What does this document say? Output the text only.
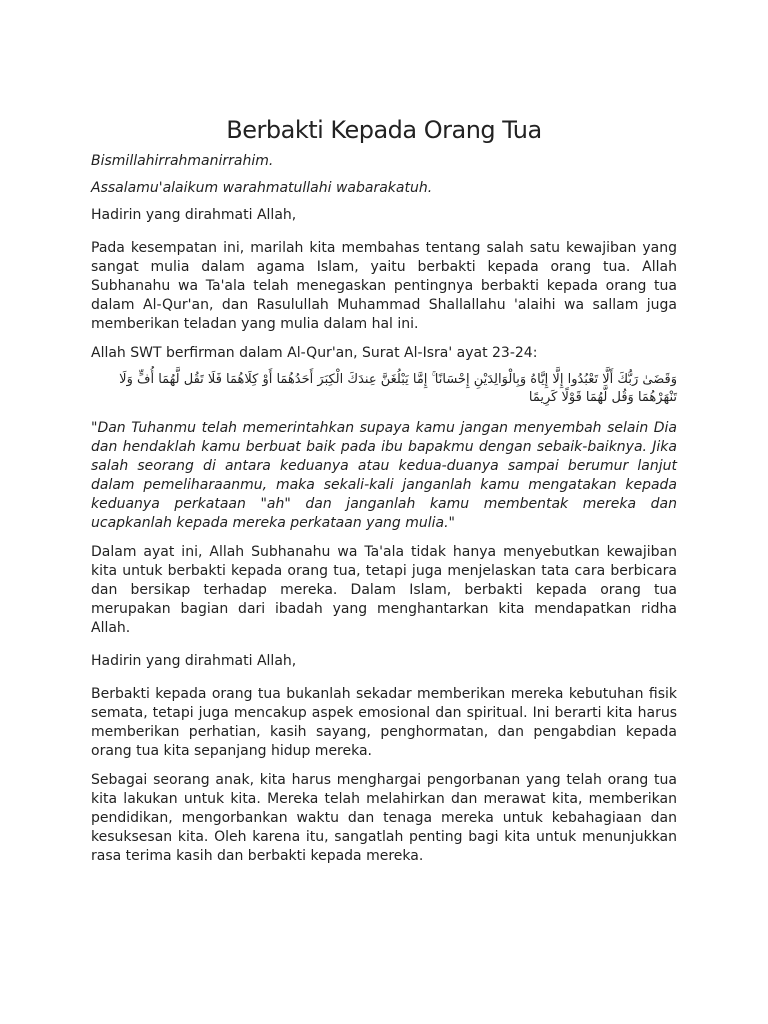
Berbakti Kepada Orang Tua

Bismillahirrahmanirrahim.

Assalamu'alaikum warahmatullahi wabarakatuh.

Hadirin yang dirahmati Allah,

Pada kesempatan ini, marilah kita membahas tentang salah satu kewajiban yang sangat mulia dalam agama Islam, yaitu berbakti kepada orang tua. Allah Subhanahu wa Ta'ala telah menegaskan pentingnya berbakti kepada orang tua dalam Al-Qur'an, dan Rasulullah Muhammad Shallallahu 'alaihi wa sallam juga memberikan teladan yang mulia dalam hal ini.

Allah SWT berfirman dalam Al-Qur'an, Surat Al-Isra' ayat 23-24:

وَقَضَىٰ رَبُّكَ أَلَّا تَعْبُدُوا إِلَّا إِيَّاهُ وَبِالْوَالِدَيْنِ إِحْسَانًا ۚ إِمَّا يَبْلُغَنَّ عِندَكَ الْكِبَرَ أَحَدُهُمَا أَوْ كِلَاهُمَا فَلَا تَقُل لَّهُمَا أُفٍّ وَلَا تَنْهَرْهُمَا وَقُل لَّهُمَا قَوْلًا كَرِيمًا

"Dan Tuhanmu telah memerintahkan supaya kamu jangan menyembah selain Dia dan hendaklah kamu berbuat baik pada ibu bapakmu dengan sebaik-baiknya. Jika salah seorang di antara keduanya atau kedua-duanya sampai berumur lanjut dalam pemeliharaanmu, maka sekali-kali janganlah kamu mengatakan kepada keduanya perkataan "ah" dan janganlah kamu membentak mereka dan ucapkanlah kepada mereka perkataan yang mulia."

Dalam ayat ini, Allah Subhanahu wa Ta'ala tidak hanya menyebutkan kewajiban kita untuk berbakti kepada orang tua, tetapi juga menjelaskan tata cara berbicara dan bersikap terhadap mereka. Dalam Islam, berbakti kepada orang tua merupakan bagian dari ibadah yang menghantarkan kita mendapatkan ridha Allah.

Hadirin yang dirahmati Allah,

Berbakti kepada orang tua bukanlah sekadar memberikan mereka kebutuhan fisik semata, tetapi juga mencakup aspek emosional dan spiritual. Ini berarti kita harus memberikan perhatian, kasih sayang, penghormatan, dan pengabdian kepada orang tua kita sepanjang hidup mereka.

Sebagai seorang anak, kita harus menghargai pengorbanan yang telah orang tua kita lakukan untuk kita. Mereka telah melahirkan dan merawat kita, memberikan pendidikan, mengorbankan waktu dan tenaga mereka untuk kebahagiaan dan kesuksesan kita. Oleh karena itu, sangatlah penting bagi kita untuk menunjukkan rasa terima kasih dan berbakti kepada mereka.
